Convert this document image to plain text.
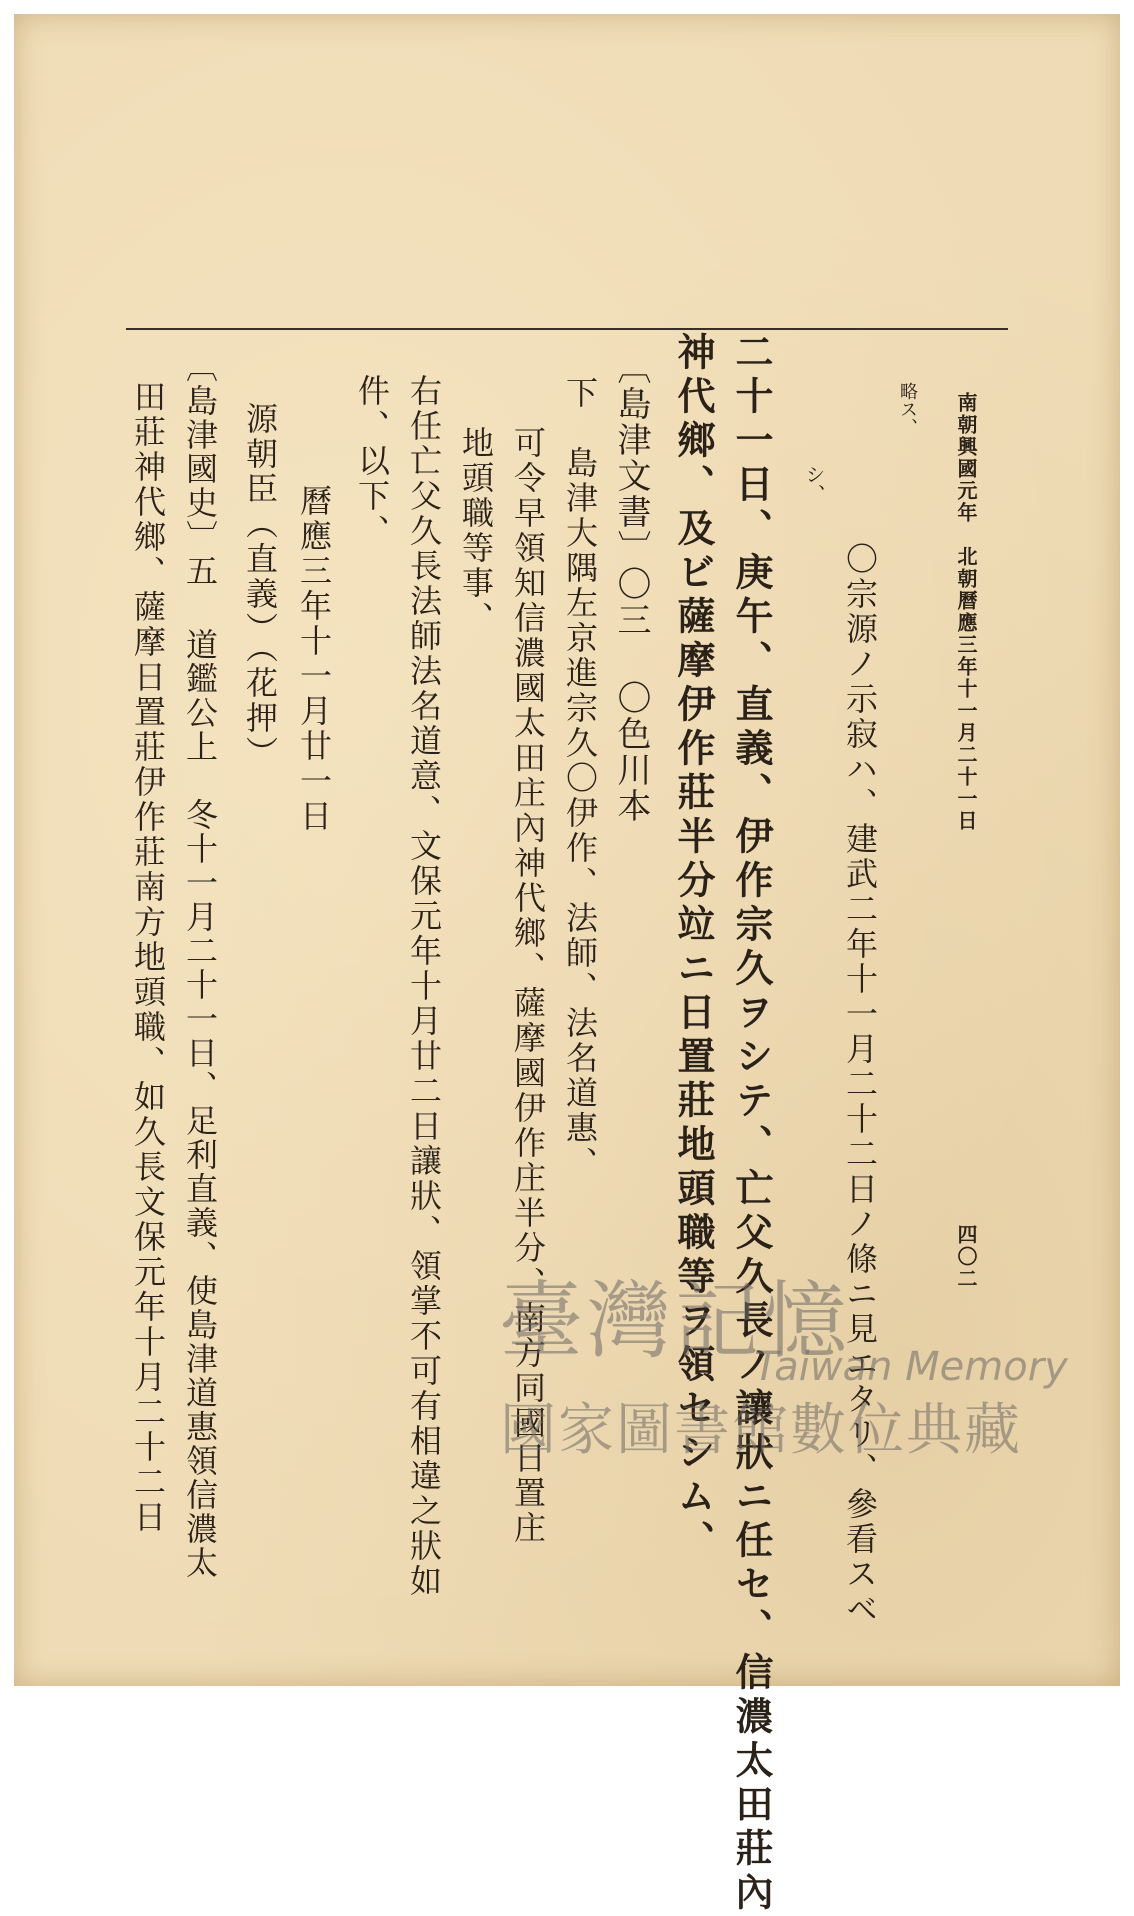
南朝興國元年　北朝曆應三年十一月二十一日
四〇二
略ス、
〇宗源ノ示寂ハ、建武二年十一月二十二日ノ條ニ見エタリ、參看スベ
シ、
二十一日、庚午、直義、伊作宗久ヲシテ、亡父久長ノ讓狀ニ任セ、信濃太田莊內
神代鄉、及ビ薩摩伊作莊半分竝ニ日置莊地頭職等ヲ領セシム、
〔島津文書〕〇三 〇色川本
下　島津大隅左京進宗久〇伊作、法師、法名道惠、
可令早領知信濃國太田庄內神代鄉、薩摩國伊作庄半分、南方同國日置庄
地頭職等事、
右任亡父久長法師法名道意、文保元年十月廿二日讓狀、領掌不可有相違之狀如
件、以下、
曆應三年十一月廿一日
源朝臣（直義）（花押）
〔島津國史〕五 道鑑公上　冬十一月二十一日、足利直義、使島津道惠領信濃太
田莊神代鄉、薩摩日置莊伊作莊南方地頭職、如久長文保元年十月二十二日	臺灣記憶
Taiwan Memory
國家圖書館數位典藏
